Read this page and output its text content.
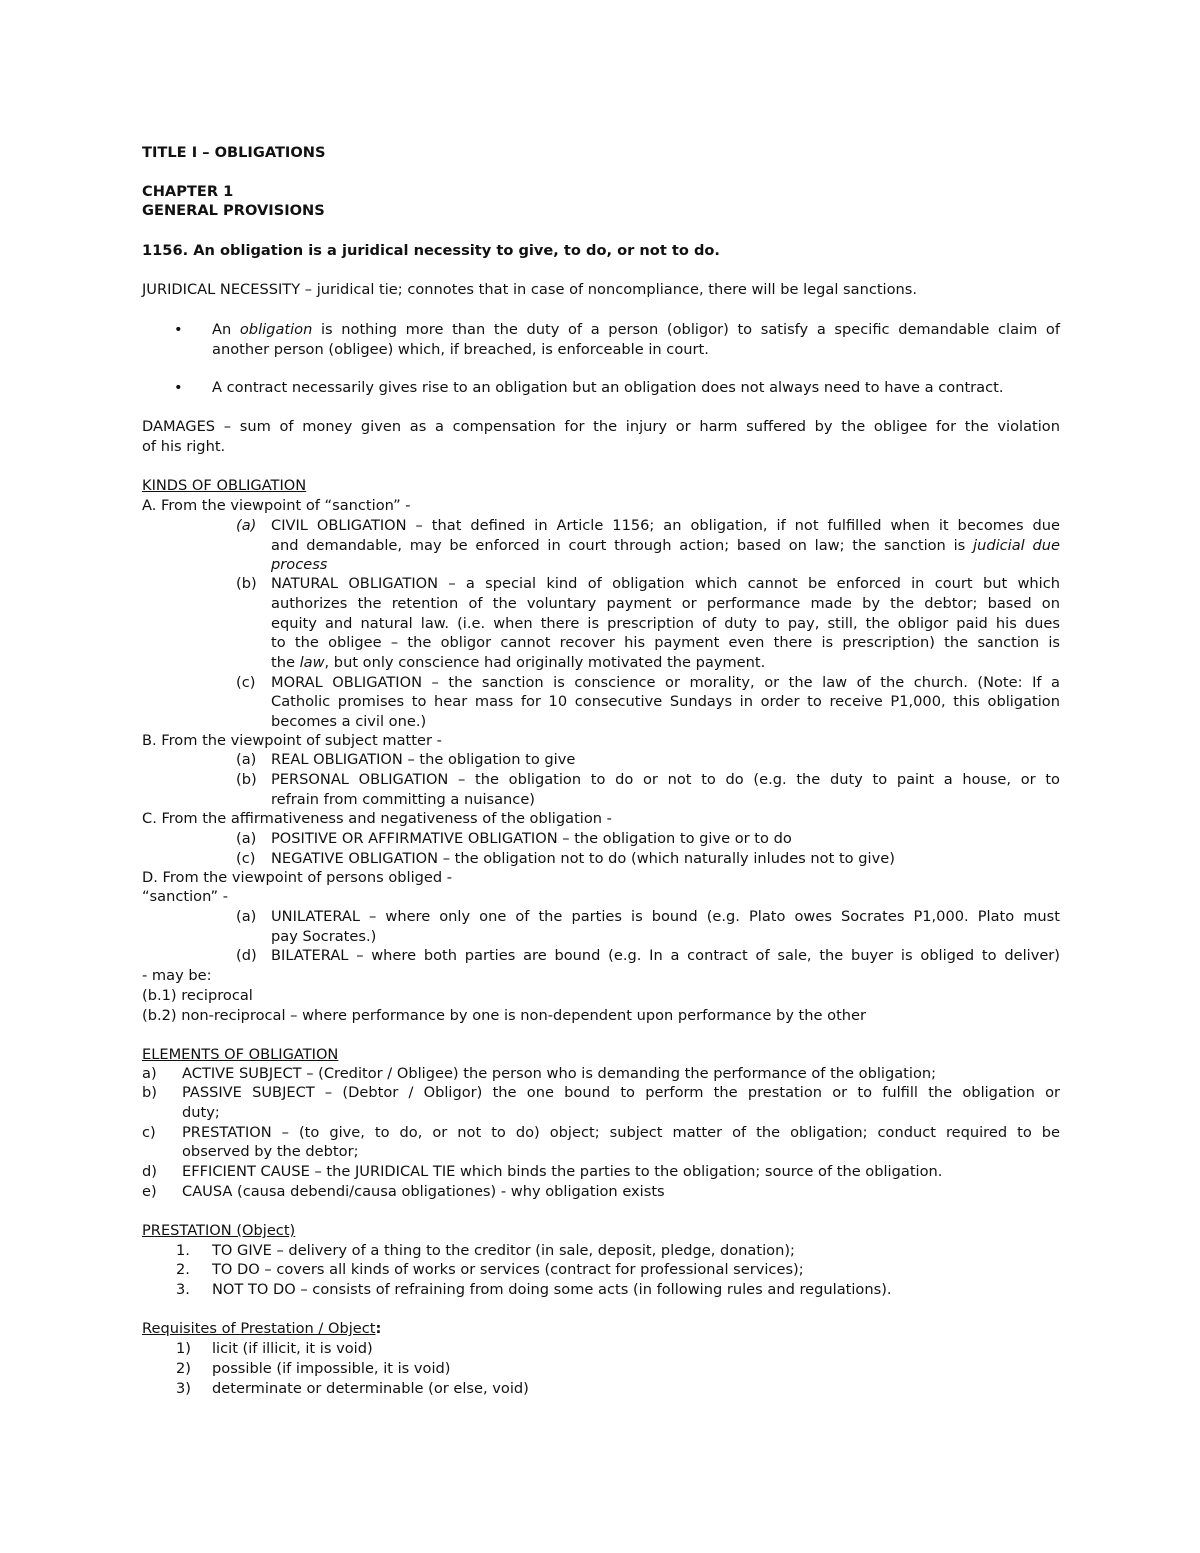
TITLE I – OBLIGATIONS
CHAPTER 1
GENERAL PROVISIONS
1156. An obligation is a juridical necessity to give, to do, or not to do.
JURIDICAL NECESSITY – juridical tie; connotes that in case of noncompliance, there will be legal sanctions.
• An obligation is nothing more than the duty of a person (obligor) to satisfy a specific demandable claim of
another person (obligee) which, if breached, is enforceable in court.
• A contract necessarily gives rise to an obligation but an obligation does not always need to have a contract.
DAMAGES – sum of money given as a compensation for the injury or harm suffered by the obligee for the violation
of his right.
KINDS OF OBLIGATION
A. From the viewpoint of “sanction” -
(a) CIVIL OBLIGATION – that defined in Article 1156; an obligation, if not fulfilled when it becomes due
and demandable, may be enforced in court through action; based on law; the sanction is judicial due
process
(b) NATURAL OBLIGATION – a special kind of obligation which cannot be enforced in court but which
authorizes the retention of the voluntary payment or performance made by the debtor; based on
equity and natural law. (i.e. when there is prescription of duty to pay, still, the obligor paid his dues
to the obligee – the obligor cannot recover his payment even there is prescription) the sanction is
the law, but only conscience had originally motivated the payment.
(c) MORAL OBLIGATION – the sanction is conscience or morality, or the law of the church. (Note: If a
Catholic promises to hear mass for 10 consecutive Sundays in order to receive P1,000, this obligation
becomes a civil one.)
B. From the viewpoint of subject matter -
(a) REAL OBLIGATION – the obligation to give
(b) PERSONAL OBLIGATION – the obligation to do or not to do (e.g. the duty to paint a house, or to
refrain from committing a nuisance)
C. From the affirmativeness and negativeness of the obligation -
(a) POSITIVE OR AFFIRMATIVE OBLIGATION – the obligation to give or to do
(c) NEGATIVE OBLIGATION – the obligation not to do (which naturally inludes not to give)
D. From the viewpoint of persons obliged -
“sanction” -
(a) UNILATERAL – where only one of the parties is bound (e.g. Plato owes Socrates P1,000. Plato must
pay Socrates.)
(d) BILATERAL – where both parties are bound (e.g. In a contract of sale, the buyer is obliged to deliver)
- may be:
(b.1) reciprocal
(b.2) non-reciprocal – where performance by one is non-dependent upon performance by the other
ELEMENTS OF OBLIGATION
a) ACTIVE SUBJECT – (Creditor / Obligee) the person who is demanding the performance of the obligation;
b) PASSIVE SUBJECT – (Debtor / Obligor) the one bound to perform the prestation or to fulfill the obligation or
duty;
c) PRESTATION – (to give, to do, or not to do) object; subject matter of the obligation; conduct required to be
observed by the debtor;
d) EFFICIENT CAUSE – the JURIDICAL TIE which binds the parties to the obligation; source of the obligation.
e) CAUSA (causa debendi/causa obligationes) - why obligation exists
PRESTATION (Object)
1. TO GIVE – delivery of a thing to the creditor (in sale, deposit, pledge, donation);
2. TO DO – covers all kinds of works or services (contract for professional services);
3. NOT TO DO – consists of refraining from doing some acts (in following rules and regulations).
Requisites of Prestation / Object:
1) licit (if illicit, it is void)
2) possible (if impossible, it is void)
3) determinate or determinable (or else, void)
